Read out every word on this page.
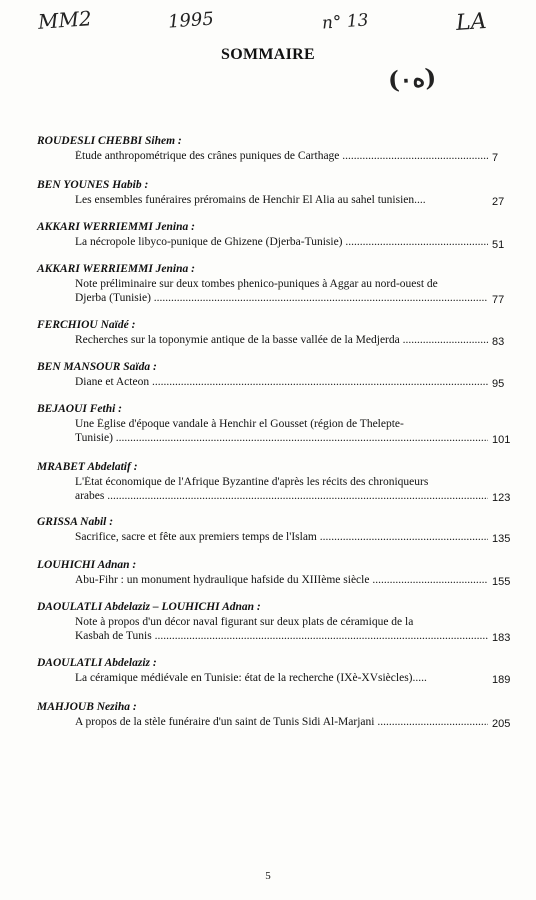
MM2	1995	n° 13	LA
SOMMAIRE
(ﻩ٠)
ROUDESLI CHEBBI Sihem :
Étude anthropométrique des crânes puniques de Carthage .....	7
BEN YOUNES Habib :
Les ensembles funéraires préromains de Henchir El Alia au sahel tunisien....	27
AKKARI WERRIEMMI Jenina :
La nécropole libyco-punique de Ghizene (Djerba-Tunisie) .....	51
AKKARI WERRIEMMI Jenina :
Note préliminaire sur deux tombes phenico-puniques à Aggar au nord-ouest de
Djerba (Tunisie) .....	77
FERCHIOU Naïdé :
Recherches sur la toponymie antique de la basse vallée de la Medjerda .....	83
BEN MANSOUR Saïda :
Diane et Acteon .....	95
BEJAOUI Fethi :
Une Église d'époque vandale à Henchir el Gousset (région de Thelepte-
Tunisie) .....	101
MRABET Abdelatif :
L'État économique de l'Afrique Byzantine d'après les récits des chroniqueurs
arabes .....	123
GRISSA Nabil :
Sacrifice, sacre et fête aux premiers temps de l'Islam .....	135
LOUHICHI Adnan :
Abu-Fihr : un monument hydraulique hafside du XIIIème siècle .....	155
DAOULATLI Abdelaziz – LOUHICHI Adnan :
Note à propos d'un décor naval figurant sur deux plats de céramique de la
Kasbah de Tunis .....	183
DAOULATLI Abdelaziz :
La céramique médiévale en Tunisie: état de la recherche (IXè-XVsiècles).....	189
MAHJOUB Neziha :
A propos de la stèle funéraire d'un saint de Tunis Sidi Al-Marjani .....	205
5
